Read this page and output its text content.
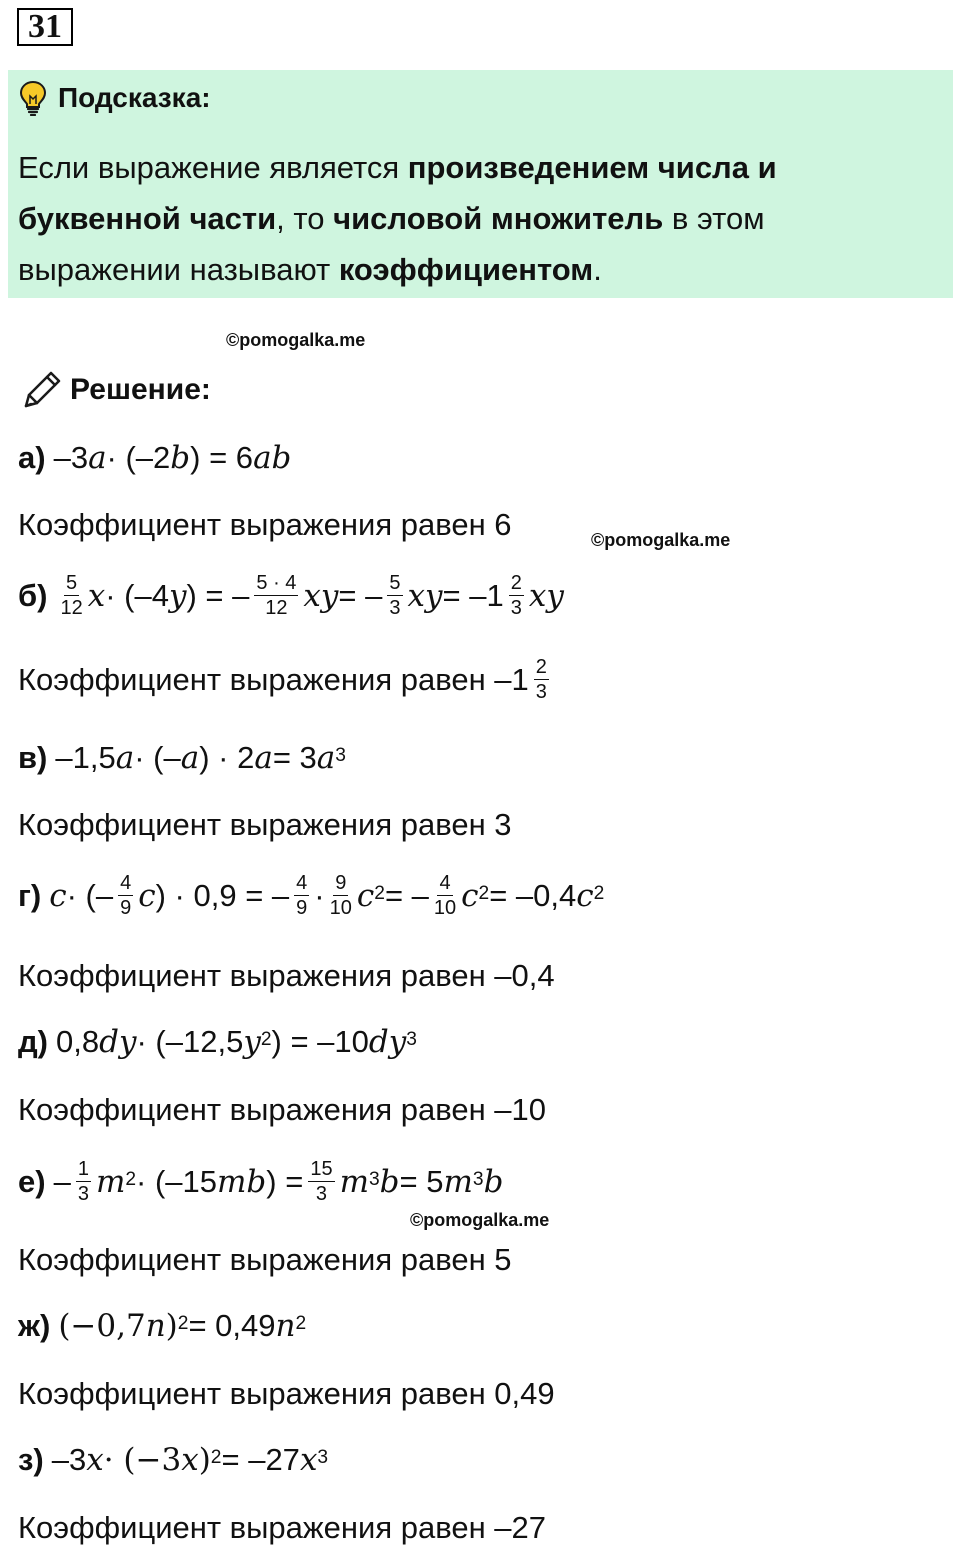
31
Подсказка:
Если выражение является произведением числа и буквенной части, то числовой множитель в этом выражении называют коэффициентом.
©pomogalka.me
Решение:
а) –3 a · (–2 b ) = 6 ab
Коэффициент выражения равен 6	©pomogalka.me
$б) \frac{5}{12}$ x · (–4 y ) = – $\frac{5 \cdot 4}{12}$ xy = – $\frac{5}{3}$ xy = $-1 \frac{2}{3}$ xy
Коэффициент выражения равен $-1 \frac{2}{3}$
в) –1,5 a · (– a ) · 2 a = 3 $a^3$
Коэффициент выражения равен 3
г) c · (– $\frac{4}{9}$ c ) · 0,9 = – $\frac{4}{9} \cdot \frac{9}{10} c^2$ = – $\frac{4}{10} c^2 = -0,4$ $c^2$
Коэффициент выражения равен –0,4
д) 0,8 dy · (–12,5 $y^2$ ) = –10 $dy^3$
Коэффициент выражения равен –10
$е) - \frac{1}{3} m^2 \cdot (-15$ mb ) = $\frac{15}{3} m^3$ b = 5 $m^3$ b
©pomogalka.me
Коэффициент выражения равен 5
ж) (−0,7 n )$^2$ = 0,49 $n^2$
Коэффициент выражения равен 0,49
з) –3 x · (−3 x )$^2$ = –27 $x^3$
Коэффициент выражения равен –27
